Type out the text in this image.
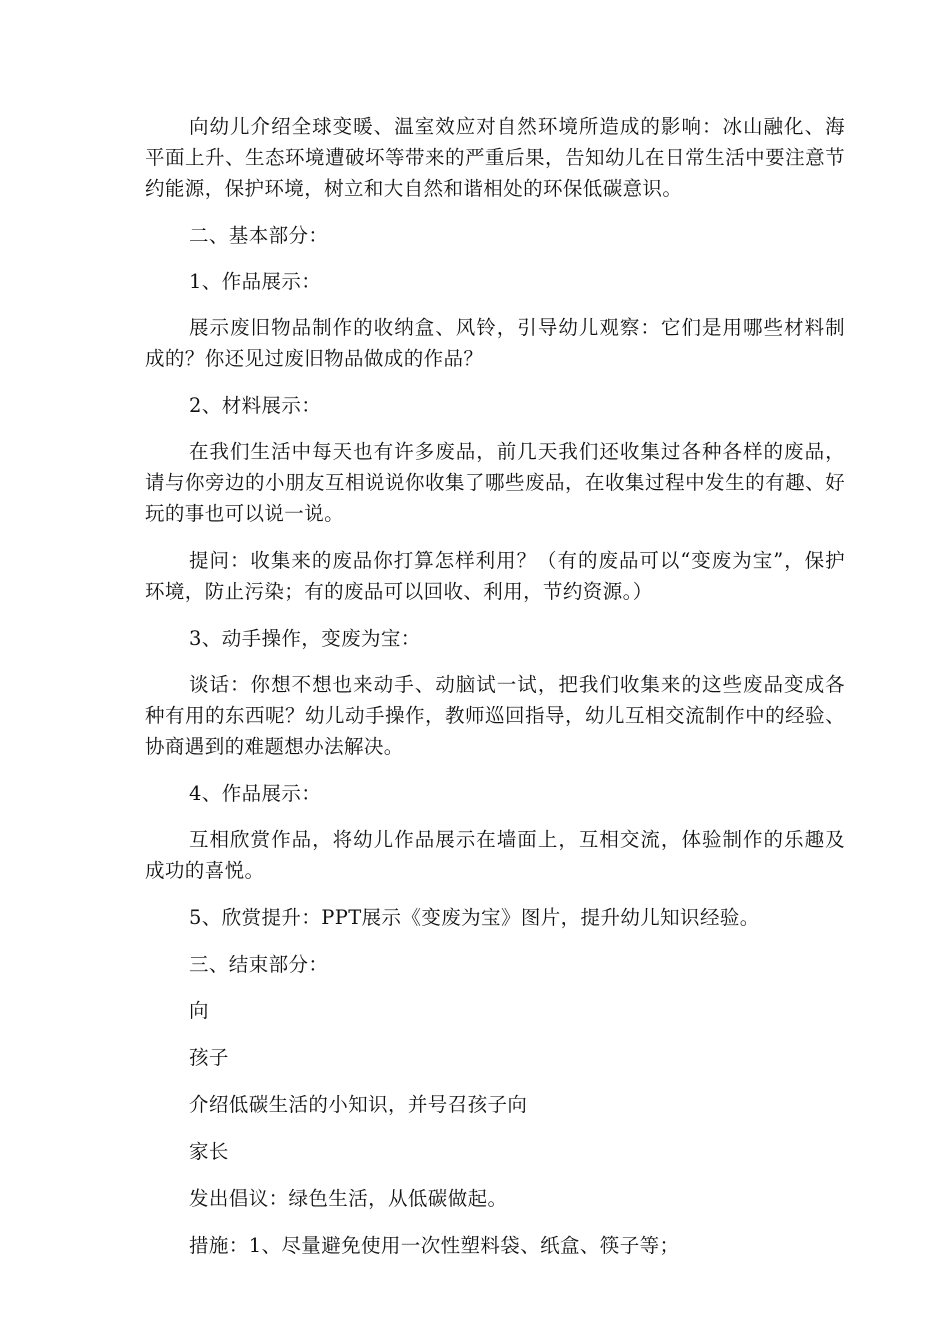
向幼儿介绍全球变暖、温室效应对自然环境所造成的影响：冰山融化、海平面上升、生态环境遭破坏等带来的严重后果，告知幼儿在日常生活中要注意节约能源，保护环境，树立和大自然和谐相处的环保低碳意识。

二、基本部分：

1、作品展示：

展示废旧物品制作的收纳盒、风铃，引导幼儿观察：它们是用哪些材料制成的？你还见过废旧物品做成的作品？

2、材料展示：

在我们生活中每天也有许多废品，前几天我们还收集过各种各样的废品，请与你旁边的小朋友互相说说你收集了哪些废品，在收集过程中发生的有趣、好玩的事也可以说一说。

提问：收集来的废品你打算怎样利用？（有的废品可以“变废为宝”，保护环境，防止污染；有的废品可以回收、利用，节约资源。）

3、动手操作，变废为宝：

谈话：你想不想也来动手、动脑试一试，把我们收集来的这些废品变成各种有用的东西呢？幼儿动手操作，教师巡回指导，幼儿互相交流制作中的经验、协商遇到的难题想办法解决。

4、作品展示：

互相欣赏作品，将幼儿作品展示在墙面上，互相交流，体验制作的乐趣及成功的喜悦。

5、欣赏提升：PPT展示《变废为宝》图片，提升幼儿知识经验。

三、结束部分：

向

孩子

介绍低碳生活的小知识，并号召孩子向

家长

发出倡议：绿色生活，从低碳做起。

措施：1、尽量避免使用一次性塑料袋、纸盒、筷子等；
